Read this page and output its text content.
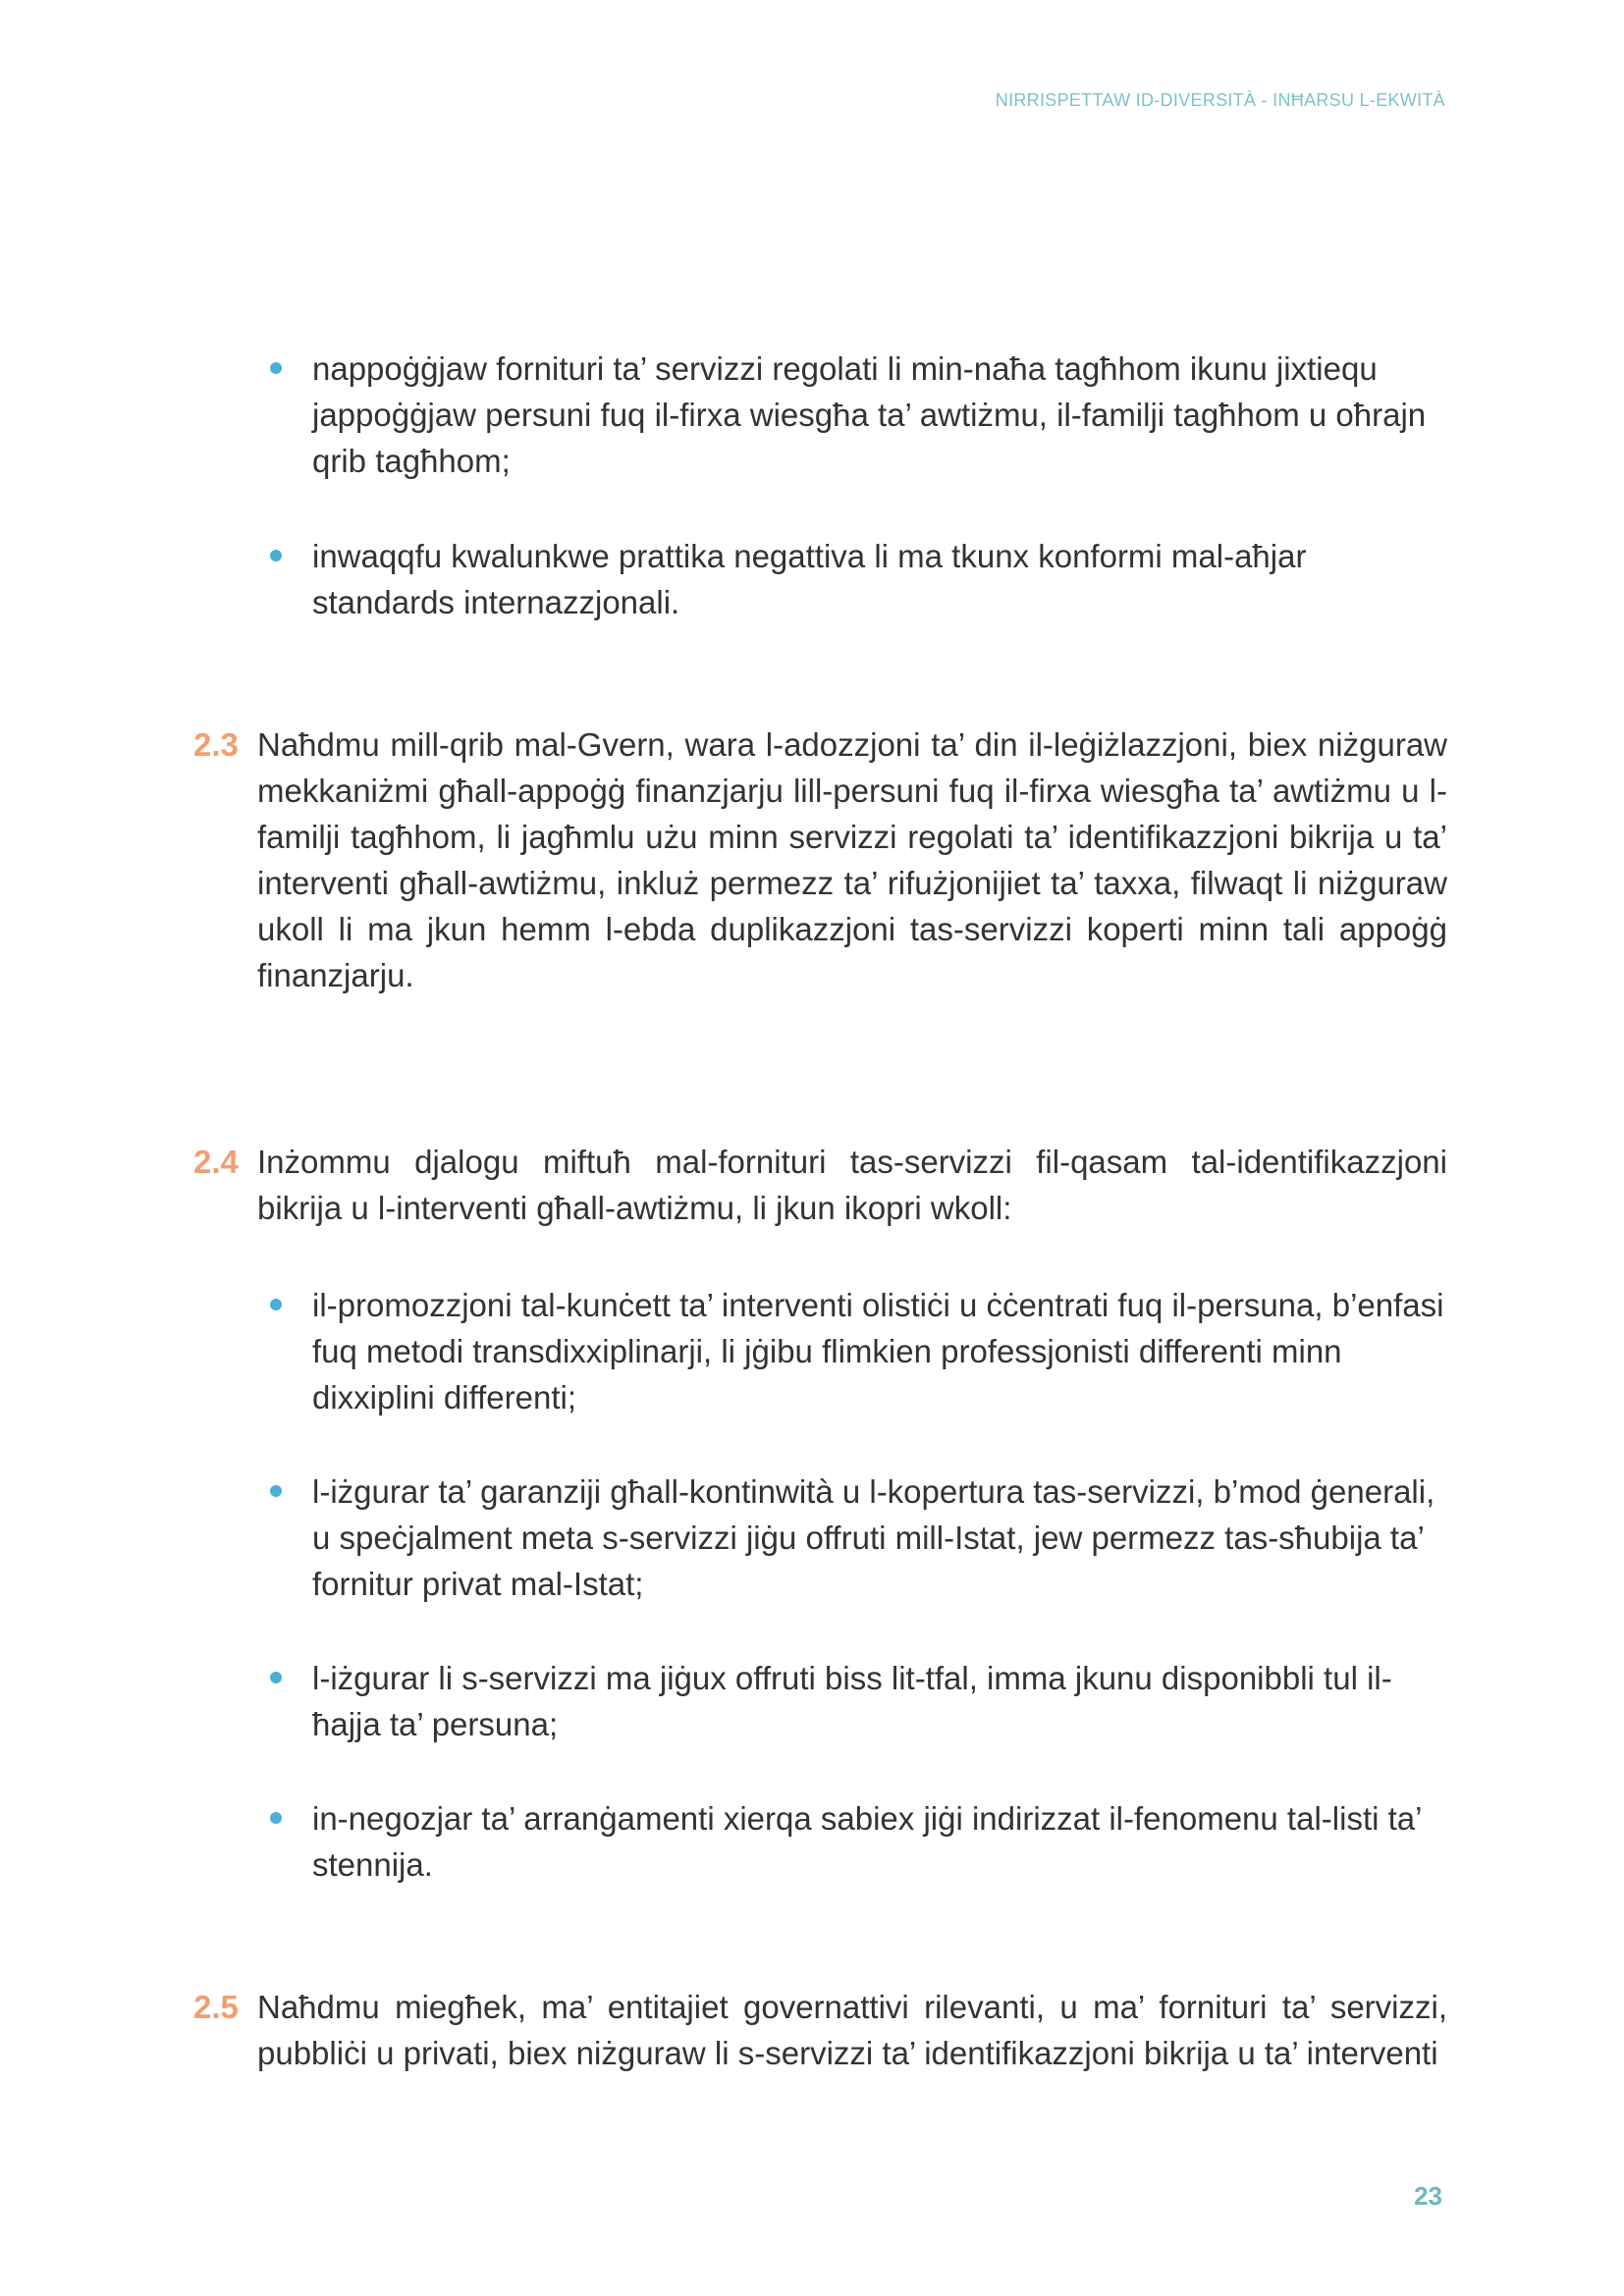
NIRRISPETTAW ID-DIVERSITÀ - INĦARSU L-EKWITÀ
nappoġġjaw fornituri ta’ servizzi regolati li min-naħa tagħhom ikunu jixtiequ jappoġġjaw persuni fuq il-firxa wiesgħa ta’ awtiżmu, il-familji tagħhom u oħrajn qrib tagħhom;
inwaqqfu kwalunkwe prattika negattiva li ma tkunx konformi mal-aħjar standards internazzjonali.
2.3 Naħdmu mill-qrib mal-Gvern, wara l-adozzjoni ta’ din il-leġiżlazzjoni, biex niżguraw mekkaniżmi għall-appoġġ finanzjarju lill-persuni fuq il-firxa wiesgħa ta’ awtiżmu u l-familji tagħhom, li jagħmlu użu minn servizzi regolati ta’ identifikazzjoni bikrija u ta’ interventi għall-awtiżmu, inkluż permezz ta’ rifużjonijiet ta’ taxxa, filwaqt li niżguraw ukoll li ma jkun hemm l-ebda duplikazzjoni tas-servizzi koperti minn tali appoġġ finanzjarju.
2.4 Inżommu djalogu miftuħ mal-fornituri tas-servizzi fil-qasam tal-identifikazzjoni bikrija u l-interventi għall-awtiżmu, li jkun ikopri wkoll:
il-promozzjoni tal-kunċett ta’ interventi olistiċi u ċċentrati fuq il-persuna, b’enfasi fuq metodi transdixxiplinarji, li jġibu flimkien professjonisti differenti minn dixxiplini differenti;
l-iżgurar ta’ garanziji għall-kontinwità u l-kopertura tas-servizzi, b’mod ġenerali, u speċjalment meta s-servizzi jiġu offruti mill-Istat, jew permezz tas-sħubija ta’ fornitur privat mal-Istat;
l-iżgurar li s-servizzi ma jiġux offruti biss lit-tfal, imma jkunu disponibbli tul il-ħajja ta’ persuna;
in-negozjar ta’ arranġamenti xierqa sabiex jiġi indirizzat il-fenomenu tal-listi ta’ stennija.
2.5 Naħdmu miegħek, ma’ entitajiet governattivi rilevanti, u ma’ fornituri ta’ servizzi, pubbliċi u privati, biex niżguraw li s-servizzi ta’ identifikazzjoni bikrija u ta’ interventi
23
